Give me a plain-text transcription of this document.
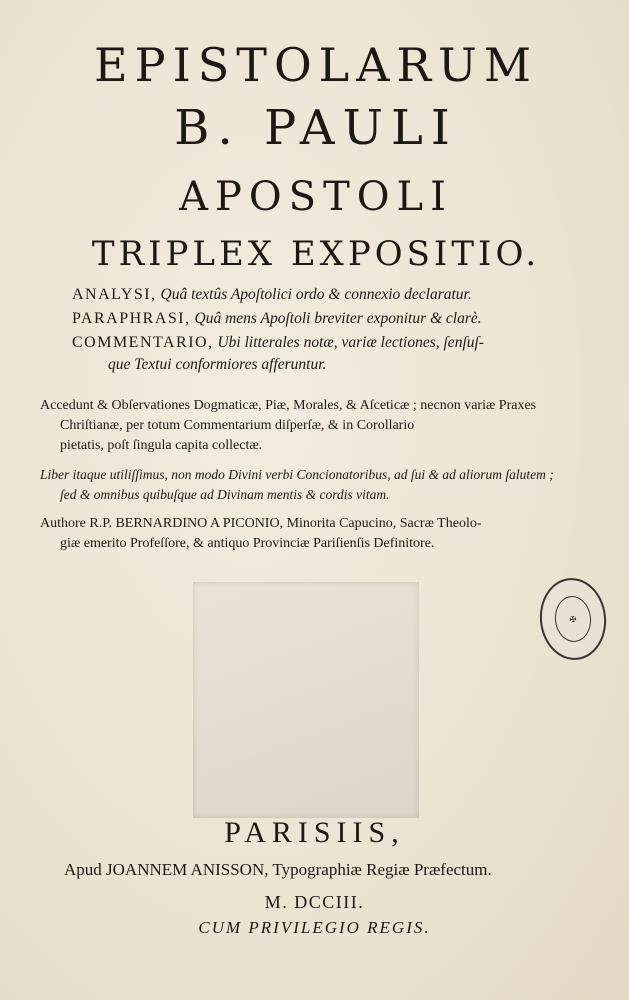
EPISTOLARUM
B. PAULI
APOSTOLI
TRIPLEX EXPOSITIO.
ANALYSI, Quâ textûs Apoſtolici ordo & connexio declaratur.
PARAPHRASI, Quâ mens Apoſtoli breviter exponitur & clarè.
COMMENTARIO, Ubi litterales notæ, variæ lectiones, ſenſuſ-
que Textui conformiores afferuntur.
Accedunt & Obſervationes Dogmaticæ, Piæ, Morales, & Aſceticæ ; necnon variæ Praxes
Chriſtianæ, per totum Commentarium diſperſæ, & in Corollario
pietatis, poſt ſingula capita collectæ.
Liber itaque utiliſſimus, non modo Divini verbi Concionatoribus, ad ſui & ad aliorum ſalutem ;
ſed & omnibus quibuſque ad Divinam mentis & cordis vitam.
Authore R.P. BERNARDINO A PICONIO, Minorita Capucino, Sacræ Theolo-
giæ emerito Profeſſore, & antiquo Provinciæ Pariſienſis Definitore.
✠
PARISIIS,
Apud JOANNEM ANISSON, Typographiæ Regiæ Præfectum.
M. DCCIII.
CUM PRIVILEGIO REGIS.
